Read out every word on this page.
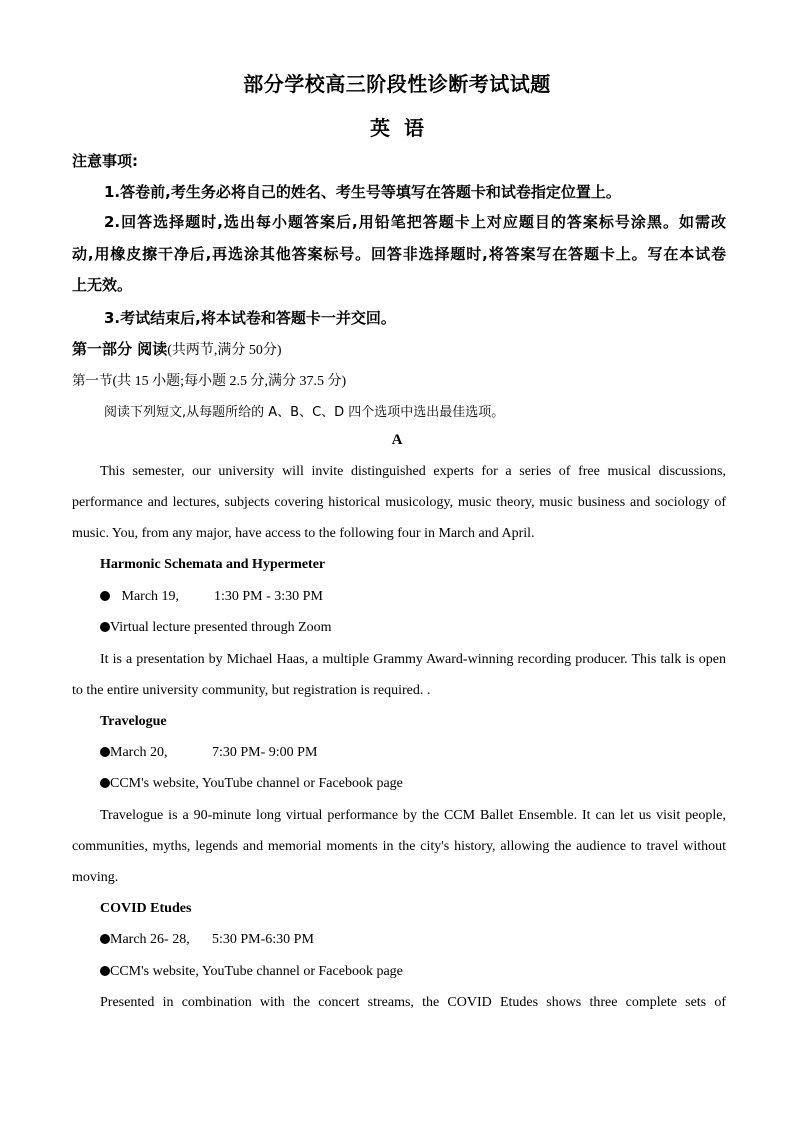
部分学校高三阶段性诊断考试试题
英语
注意事项:
1.答卷前,考生务必将自己的姓名、考生号等填写在答题卡和试卷指定位置上。
2.回答选择题时,选出每小题答案后,用铅笔把答题卡上对应题目的答案标号涂黑。如需改
动,用橡皮擦干净后,再选涂其他答案标号。回答非选择题时,将答案写在答题卡上。写在本试卷
上无效。
3.考试结束后,将本试卷和答题卡一并交回。
第一部分 阅读(共两节,满分 50分)
第一节(共 15 小题;每小题 2.5 分,满分 37.5 分)
阅读下列短文,从每题所给的 A、B、C、D 四个选项中选出最佳选项。
A
This semester, our university will invite distinguished experts for a series of free musical discussions,
performance and lectures, subjects covering historical musicology, music theory, music business and sociology of
music. You, from any major, have access to the following four in March and April.
Harmonic Schemata and Hypermeter
March 19, 1:30 PM - 3:30 PM
Virtual lecture presented through Zoom
It is a presentation by Michael Haas, a multiple Grammy Award-winning recording producer. This talk is open
to the entire university community, but registration is required. .
Travelogue
March 20,	7:30 PM- 9:00 PM
CCM's website, YouTube channel or Facebook page
Travelogue is a 90-minute long virtual performance by the CCM Ballet Ensemble. It can let us visit people,
communities, myths, legends and memorial moments in the city's history, allowing the audience to travel without
moving.
COVID Etudes
March 26- 28, 5:30 PM-6:30 PM
CCM's website, YouTube channel or Facebook page
Presented in combination with the concert streams, the COVID Etudes shows three complete sets of
